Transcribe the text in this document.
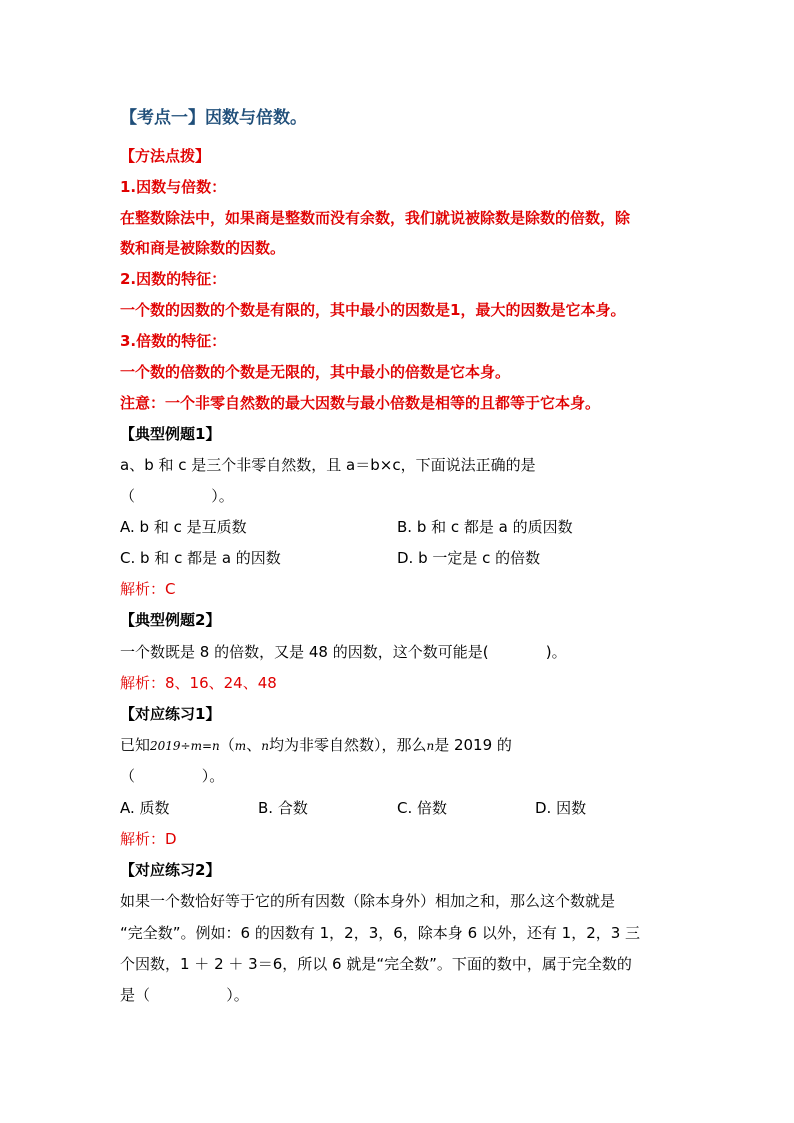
【考点一】因数与倍数。
【方法点拨】
1.因数与倍数：
在整数除法中，如果商是整数而没有余数，我们就说被除数是除数的倍数，除
数和商是被除数的因数。
2.因数的特征：
一个数的因数的个数是有限的，其中最小的因数是1，最大的因数是它本身。
3.倍数的特征：
一个数的倍数的个数是无限的，其中最小的倍数是它本身。
注意：一个非零自然数的最大因数与最小倍数是相等的且都等于它本身。
【典型例题1】
a、b 和 c 是三个非零自然数，且 a＝b×c，下面说法正确的是
（                ）。
A. b 和 c 是互质数	B. b 和 c 都是 a 的质因数
C. b 和 c 都是 a 的因数	D. b 一定是 c 的倍数
解析：C
【典型例题2】
一个数既是 8 的倍数，又是 48 的因数，这个数可能是(            )。
解析：8、16、24、48
【对应练习1】
已知2019÷m=n（m、n均为非零自然数），那么n是 2019 的
（              ）。
A. 质数	B. 合数	C. 倍数	D. 因数
解析：D
【对应练习2】
如果一个数恰好等于它的所有因数（除本身外）相加之和，那么这个数就是
“完全数”。例如：6 的因数有 1，2，3，6，除本身 6 以外，还有 1，2，3 三
个因数，1 ＋ 2 ＋ 3＝6，所以 6 就是“完全数”。下面的数中，属于完全数的
是（                ）。
